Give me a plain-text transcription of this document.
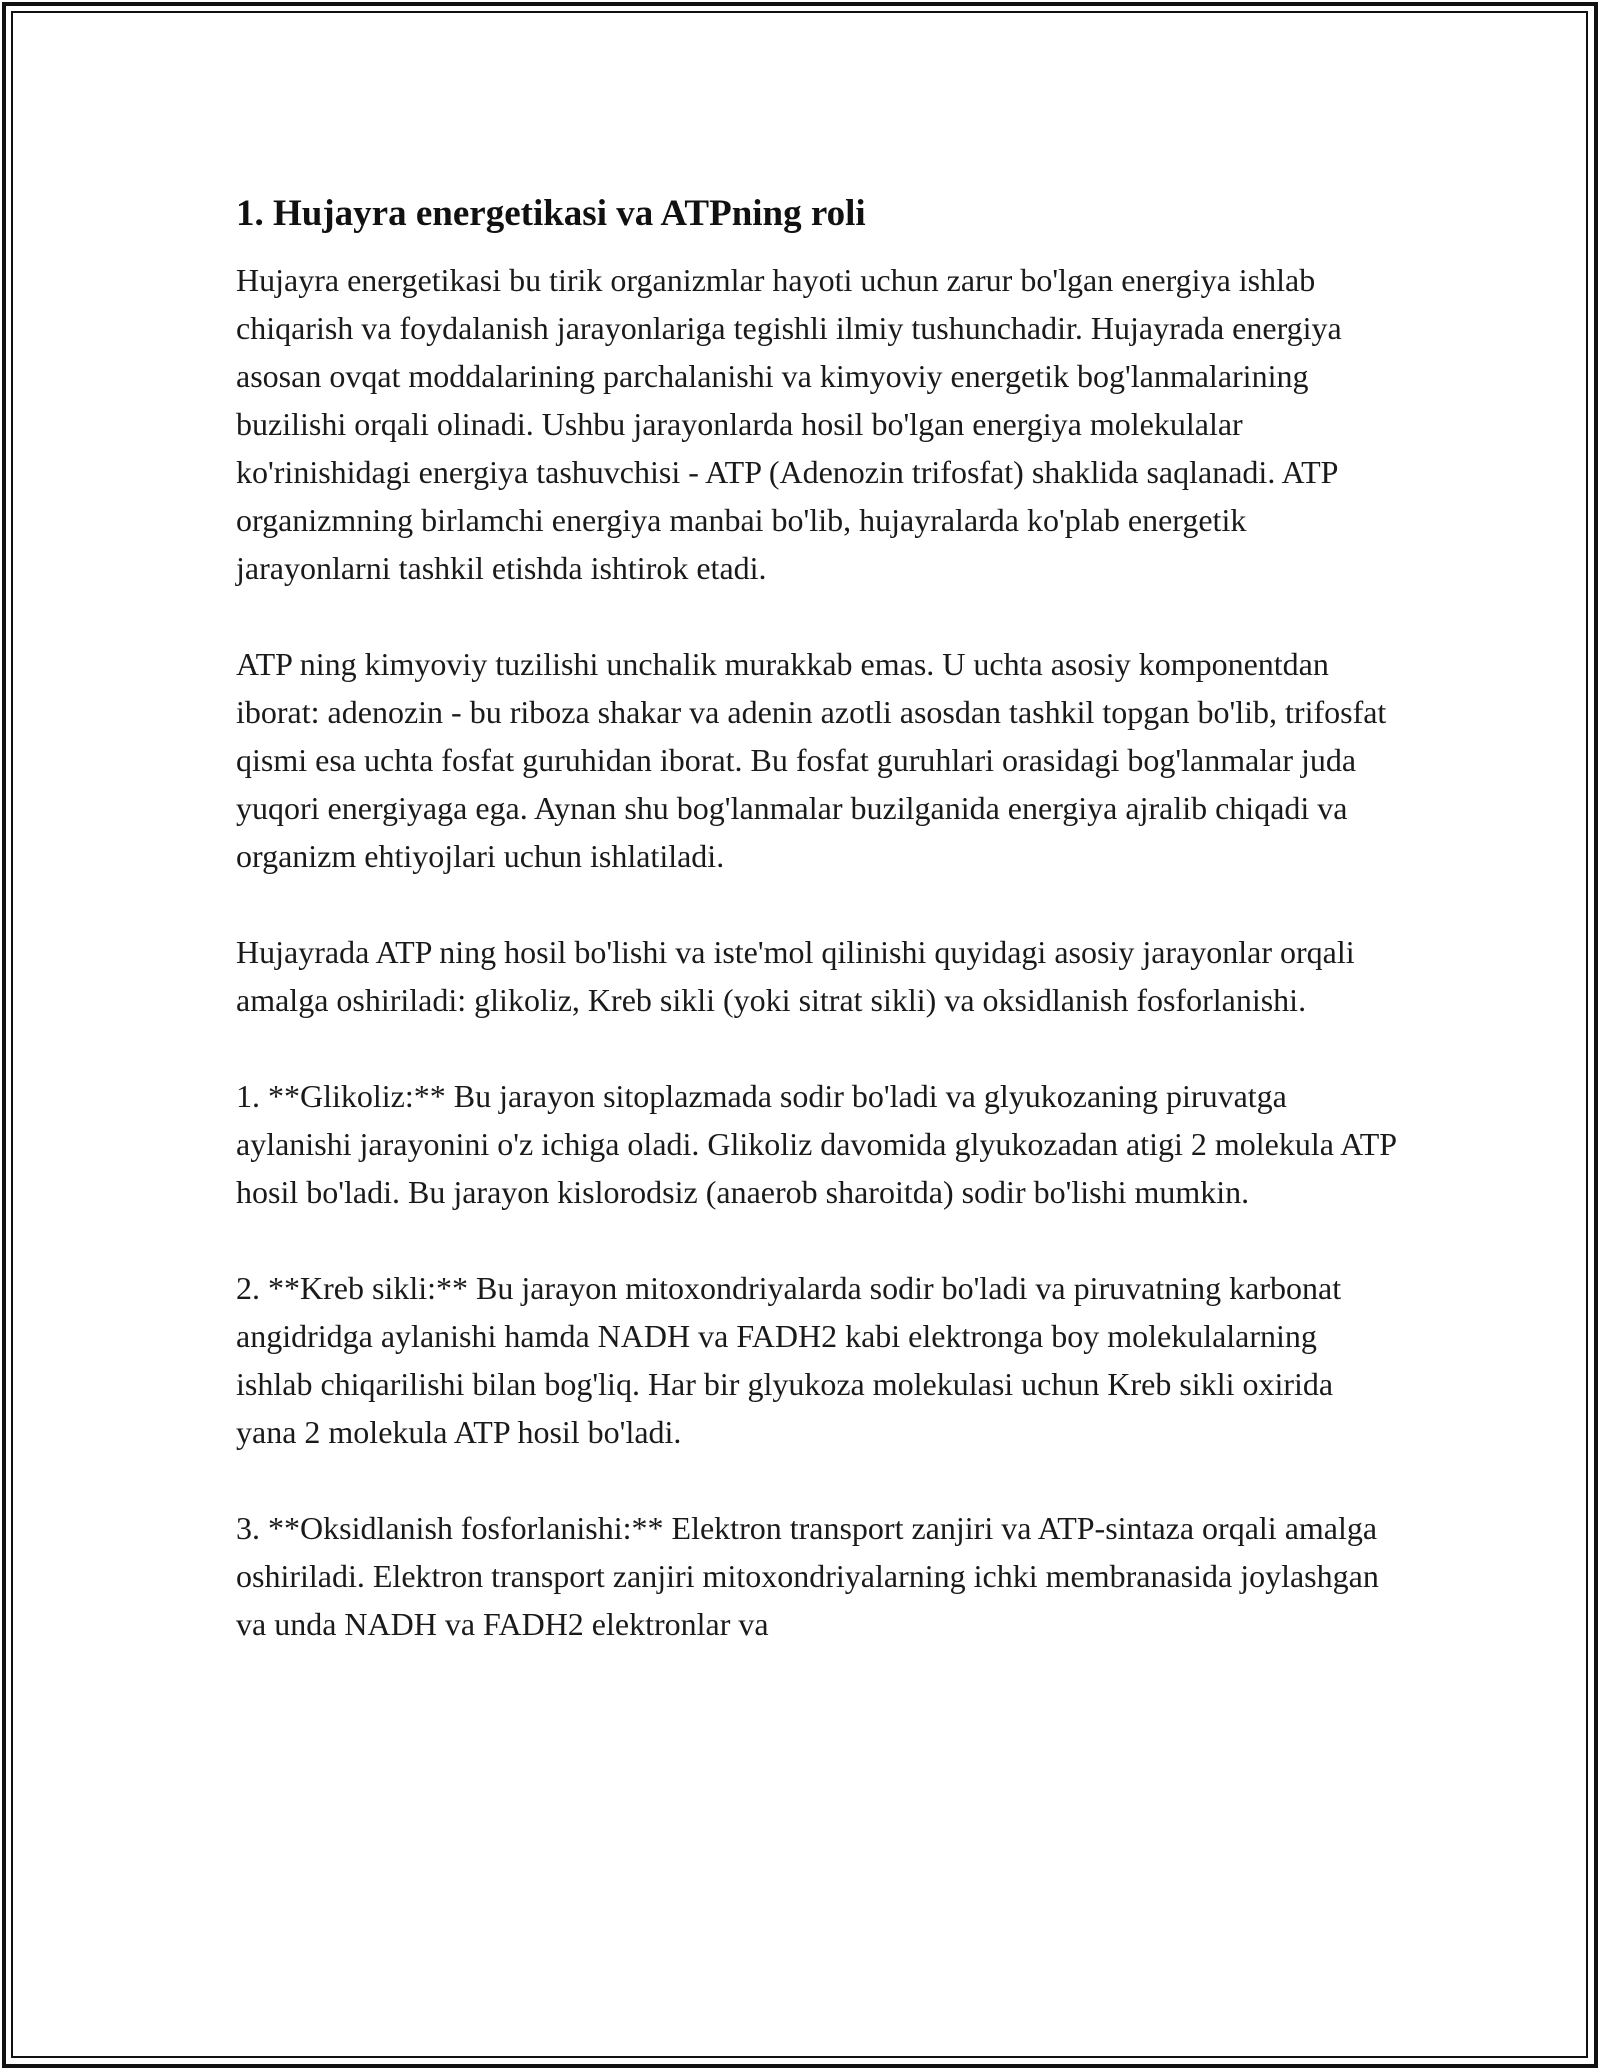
1. Hujayra energetikasi va ATPning roli

Hujayra energetikasi bu tirik organizmlar hayoti uchun zarur bo'lgan energiya ishlab chiqarish va foydalanish jarayonlariga tegishli ilmiy tushunchadir. Hujayrada energiya asosan ovqat moddalarining parchalanishi va kimyoviy energetik bog'lanmalarining buzilishi orqali olinadi. Ushbu jarayonlarda hosil bo'lgan energiya molekulalar ko'rinishidagi energiya tashuvchisi - ATP (Adenozin trifosfat) shaklida saqlanadi. ATP organizmning birlamchi energiya manbai bo'lib, hujayralarda ko'plab energetik jarayonlarni tashkil etishda ishtirok etadi.

ATP ning kimyoviy tuzilishi unchalik murakkab emas. U uchta asosiy komponentdan iborat: adenozin - bu riboza shakar va adenin azotli asosdan tashkil topgan bo'lib, trifosfat qismi esa uchta fosfat guruhidan iborat. Bu fosfat guruhlari orasidagi bog'lanmalar juda yuqori energiyaga ega. Aynan shu bog'lanmalar buzilganida energiya ajralib chiqadi va organizm ehtiyojlari uchun ishlatiladi.

Hujayrada ATP ning hosil bo'lishi va iste'mol qilinishi quyidagi asosiy jarayonlar orqali amalga oshiriladi: glikoliz, Kreb sikli (yoki sitrat sikli) va oksidlanish fosforlanishi.

1. **Glikoliz:** Bu jarayon sitoplazmada sodir bo'ladi va glyukozaning piruvatga aylanishi jarayonini o'z ichiga oladi. Glikoliz davomida glyukozadan atigi 2 molekula ATP hosil bo'ladi. Bu jarayon kislorodsiz (anaerob sharoitda) sodir bo'lishi mumkin.

2. **Kreb sikli:** Bu jarayon mitoxondriyalarda sodir bo'ladi va piruvatning karbonat angidridga aylanishi hamda NADH va FADH2 kabi elektronga boy molekulalarning ishlab chiqarilishi bilan bog'liq. Har bir glyukoza molekulasi uchun Kreb sikli oxirida yana 2 molekula ATP hosil bo'ladi.

3. **Oksidlanish fosforlanishi:** Elektron transport zanjiri va ATP-sintaza orqali amalga oshiriladi. Elektron transport zanjiri mitoxondriyalarning ichki membranasida joylashgan va unda NADH va FADH2 elektronlar va
